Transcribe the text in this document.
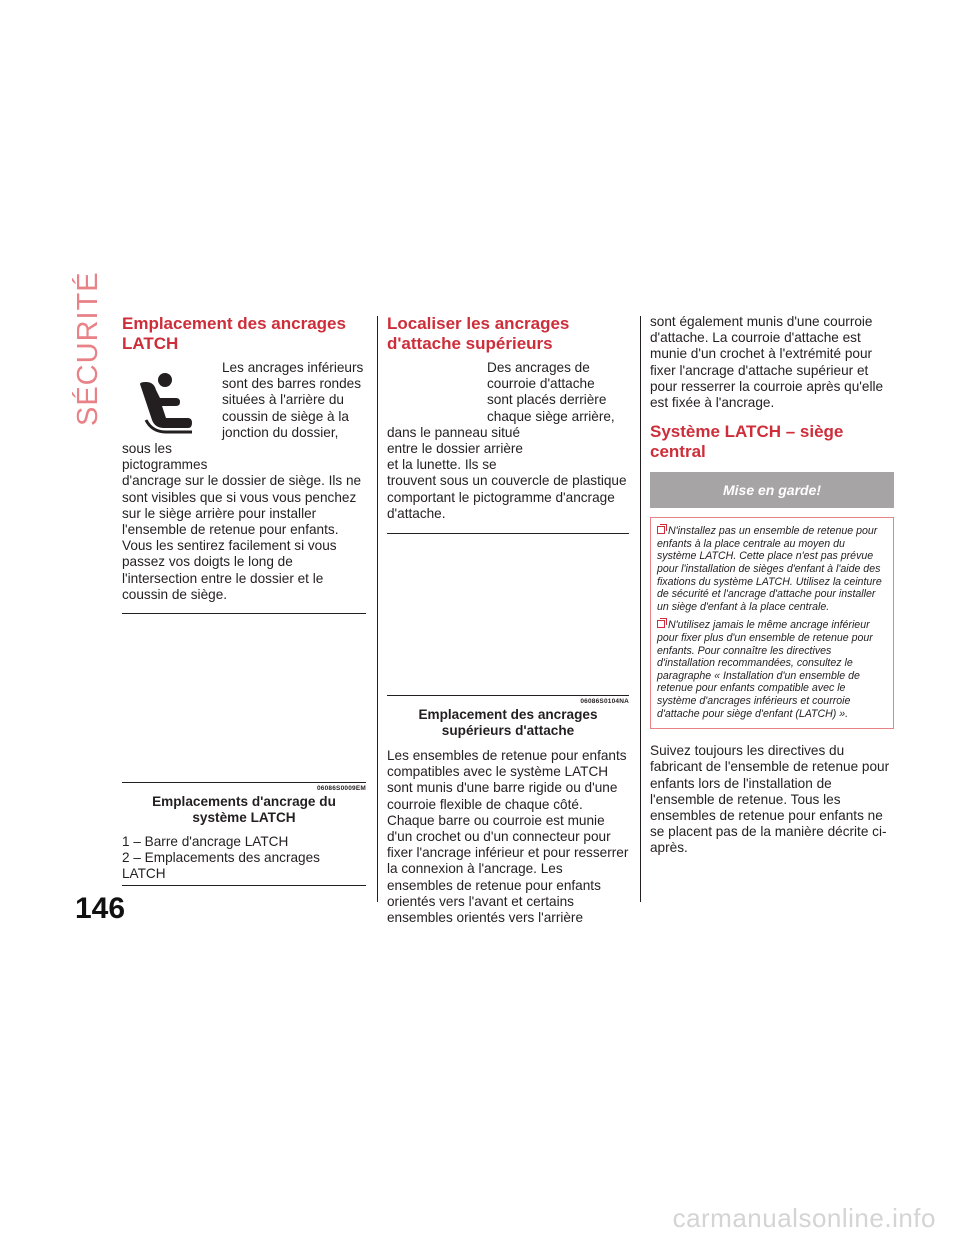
SÉCURITÉ
146
Emplacement des ancrages LATCH

Les ancrages inférieurs
sont des barres rondes
situées à l'arrière du
coussin de siège à la
jonction du dossier,
sous les
pictogrammes

d'ancrage sur le dossier de siège. Ils ne sont visibles que si vous vous penchez sur le siège arrière pour installer l'ensemble de retenue pour enfants. Vous les sentirez facilement si vous passez vos doigts le long de l'intersection entre le dossier et le coussin de siège.

06086S0009EM
Emplacements d'ancrage du
système LATCH

1 – Barre d'ancrage LATCH

2 – Emplacements des ancrages LATCH

Localiser les ancrages
d'attache supérieurs

Des ancrages de
courroie d'attache
sont placés derrière
chaque siège arrière,
dans le panneau situé
entre le dossier arrière
et la lunette. Ils se

trouvent sous un couvercle de plastique comportant le pictogramme d'ancrage d'attache.

06086S0104NA
Emplacement des ancrages
supérieurs d'attache

Les ensembles de retenue pour enfants compatibles avec le système LATCH sont munis d'une barre rigide ou d'une courroie flexible de chaque côté. Chaque barre ou courroie est munie d'un crochet ou d'un connecteur pour fixer l'ancrage inférieur et pour resserrer la connexion à l'ancrage. Les ensembles de retenue pour enfants orientés vers l'avant et certains ensembles orientés vers l'arrière

sont également munis d'une courroie d'attache. La courroie d'attache est munie d'un crochet à l'extrémité pour fixer l'ancrage d'attache supérieur et pour resserrer la courroie après qu'elle est fixée à l'ancrage.

Système LATCH – siège central
Mise en garde!

N'installez pas un ensemble de retenue pour enfants à la place centrale au moyen du système LATCH. Cette place n'est pas prévue pour l'installation de sièges d'enfant à l'aide des fixations du système LATCH. Utilisez la ceinture de sécurité et l'ancrage d'attache pour installer un siège d'enfant à la place centrale.

N'utilisez jamais le même ancrage inférieur pour fixer plus d'un ensemble de retenue pour enfants. Pour connaître les directives d'installation recommandées, consultez le paragraphe « Installation d'un ensemble de retenue pour enfants compatible avec le système d'ancrages inférieurs et courroie d'attache pour siège d'enfant (LATCH) ».

Suivez toujours les directives du fabricant de l'ensemble de retenue pour enfants lors de l'installation de l'ensemble de retenue. Tous les ensembles de retenue pour enfants ne se placent pas de la manière décrite ci-après.

carmanualsonline.info
